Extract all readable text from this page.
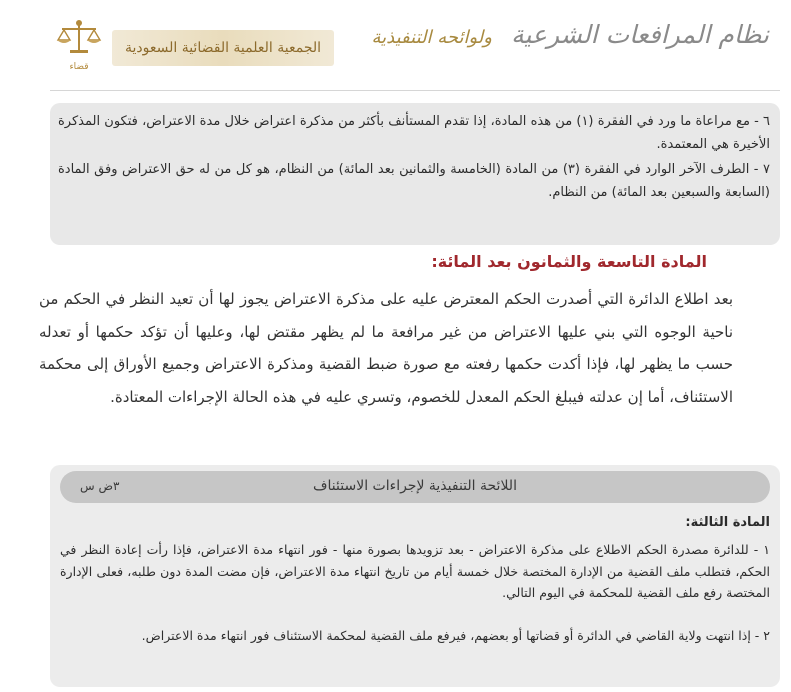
نظام المرافعات الشرعية ولوائحه التنفيذية
الجمعية العلمية القضائية السعودية
قضاء
٦ - مع مراعاة ما ورد في الفقرة (١) من هذه المادة، إذا تقدم المستأنف بأكثر من مذكرة اعتراض خلال مدة الاعتراض، فتكون المذكرة الأخيرة هي المعتمدة.
٧ - الطرف الآخر الوارد في الفقرة (٣) من المادة (الخامسة والثمانين بعد المائة) من النظام، هو كل من له حق الاعتراض وفق المادة (السابعة والسبعين بعد المائة) من النظام.
المادة التاسعة والثمانون بعد المائة:
بعد اطلاع الدائرة التي أصدرت الحكم المعترض عليه على مذكرة الاعتراض يجوز لها أن تعيد النظر في الحكم من ناحية الوجوه التي بني عليها الاعتراض من غير مرافعة ما لم يظهر مقتض لها، وعليها أن تؤكد حكمها أو تعدله حسب ما يظهر لها، فإذا أكدت حكمها رفعته مع صورة ضبط القضية ومذكرة الاعتراض وجميع الأوراق إلى محكمة الاستئناف، أما إن عدلته فيبلغ الحكم المعدل للخصوم، وتسري عليه في هذه الحالة الإجراءات المعتادة.
اللائحة التنفيذية لإجراءات الاستئناف
٣ض س
المادة الثالثة:
١ - للدائرة مصدرة الحكم الاطلاع على مذكرة الاعتراض - بعد تزويدها بصورة منها - فور انتهاء مدة الاعتراض، فإذا رأت إعادة النظر في الحكم، فتطلب ملف القضية من الإدارة المختصة خلال خمسة أيام من تاريخ انتهاء مدة الاعتراض، فإن مضت المدة دون طلبه، فعلى الإدارة المختصة رفع ملف القضية للمحكمة في اليوم التالي.
٢ - إذا انتهت ولاية القاضي في الدائرة أو قضاتها أو بعضهم، فيرفع ملف القضية لمحكمة الاستئناف فور انتهاء مدة الاعتراض.
